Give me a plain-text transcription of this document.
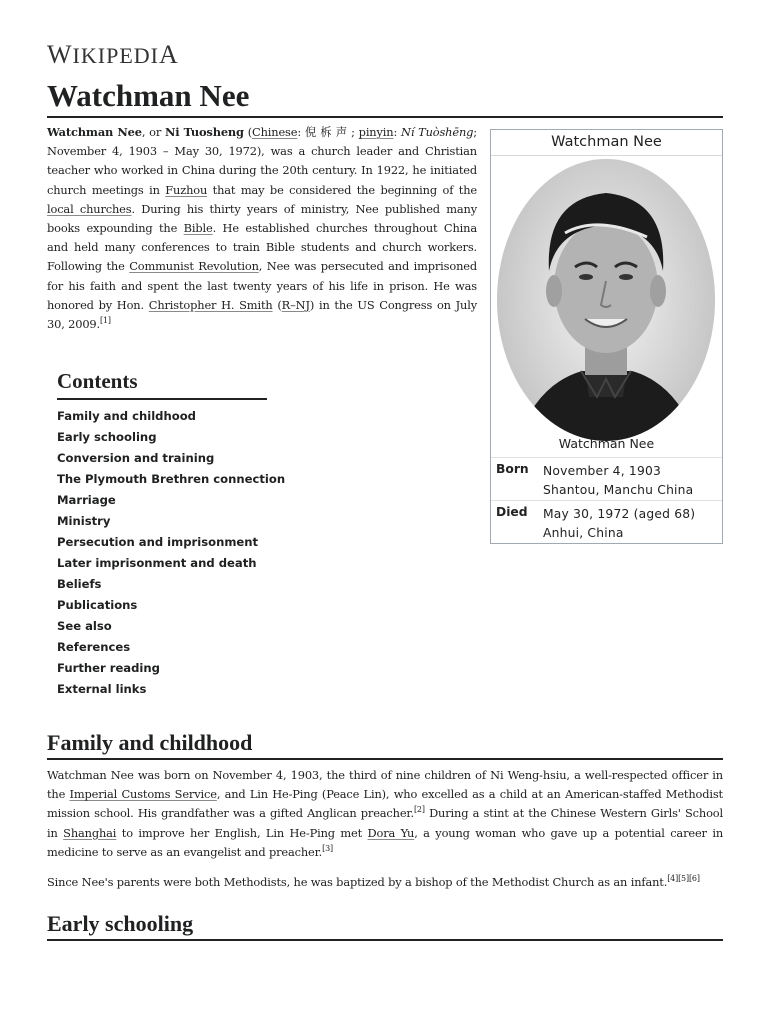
WIKIPEDIA
Watchman Nee
Watchman Nee, or Ni Tuosheng (Chinese: 倪 柝 声 ; pinyin: Ní Tuòshēng; November 4, 1903 – May 30, 1972), was a church leader and Christian teacher who worked in China during the 20th century. In 1922, he initiated church meetings in Fuzhou that may be considered the beginning of the local churches. During his thirty years of ministry, Nee published many books expounding the Bible. He established churches throughout China and held many conferences to train Bible students and church workers. Following the Communist Revolution, Nee was persecuted and imprisoned for his faith and spent the last twenty years of his life in prison. He was honored by Hon. Christopher H. Smith (R–NJ) in the US Congress on July 30, 2009.[1]
Watchman Nee
Watchman Nee
Born November 4, 1903
Shantou, Manchu China
Died May 30, 1972 (aged 68)
Anhui, China
Contents
Family and childhood
Early schooling
Conversion and training
The Plymouth Brethren connection
Marriage
Ministry
Persecution and imprisonment
Later imprisonment and death
Beliefs
Publications
See also
References
Further reading
External links
Family and childhood
Watchman Nee was born on November 4, 1903, the third of nine children of Ni Weng-hsiu, a well-respected officer in the Imperial Customs Service, and Lin He-Ping (Peace Lin), who excelled as a child at an American-staffed Methodist mission school. His grandfather was a gifted Anglican preacher.[2] During a stint at the Chinese Western Girls' School in Shanghai to improve her English, Lin He-Ping met Dora Yu, a young woman who gave up a potential career in medicine to serve as an evangelist and preacher.[3]
Since Nee's parents were both Methodists, he was baptized by a bishop of the Methodist Church as an infant.[4][5][6]
Early schooling
